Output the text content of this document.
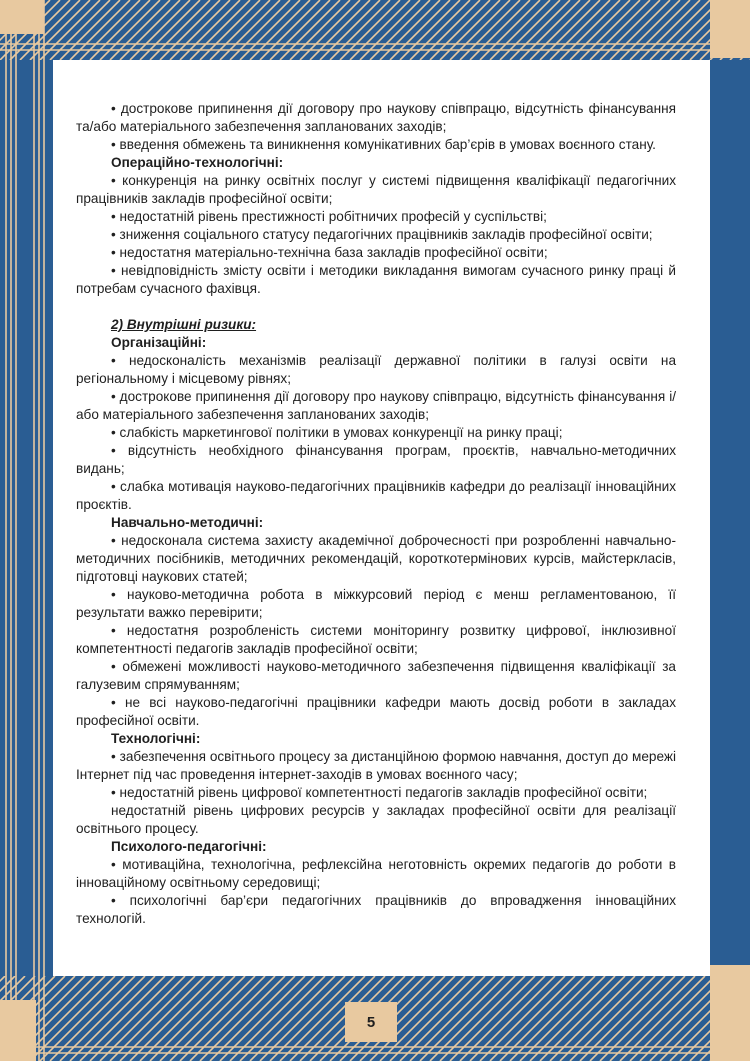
• дострокове припинення дії договору про наукову співпрацю, відсутність фінансування та/або матеріального забезпечення запланованих заходів;

• введення обмежень та виникнення комунікативних бар’єрів в умовах воєнного стану.

Операційно-технологічні:

• конкуренція на ринку освітніх послуг у системі підвищення кваліфікації педагогічних працівників закладів професійної освіти;

• недостатній рівень престижності робітничих професій у суспільстві;

• зниження соціального статусу педагогічних працівників закладів професійної освіти;

• недостатня матеріально-технічна база закладів професійної освіти;

• невідповідність змісту освіти і методики викладання вимогам сучасного ринку праці й потребам сучасного фахівця.

2) Внутрішні ризики:

Організаційні:

• недосконалість механізмів реалізації державної політики в галузі освіти на регіональному і місцевому рівнях;

• дострокове припинення дії договору про наукову співпрацю, відсутність фінансування і/або матеріального забезпечення запланованих заходів;

• слабкість маркетингової політики в умовах конкуренції на ринку праці;

• відсутність необхідного фінансування програм, проєктів, навчально-методичних видань;

• слабка мотивація науково-педагогічних працівників кафедри до реалізації інноваційних проєктів.

Навчально-методичні:

• недосконала система захисту академічної доброчесності при розробленні навчально-методичних посібників, методичних рекомендацій, короткотермінових курсів, майстеркласів, підготовці наукових статей;

• науково-методична робота в міжкурсовий період є менш регламентованою, її результати важко перевірити;

• недостатня розробленість системи моніторингу розвитку цифрової, інклюзивної компетентності педагогів закладів професійної освіти;

• обмежені можливості науково-методичного забезпечення підвищення кваліфікації за галузевим спрямуванням;

• не всі науково-педагогічні працівники кафедри мають досвід роботи в закладах професійної освіти.

Технологічні:

• забезпечення освітнього процесу за дистанційною формою навчання, доступ до мережі Інтернет під час проведення інтернет-заходів в умовах воєнного часу;

• недостатній рівень цифрової компетентності педагогів закладів професійної освіти;

недостатній рівень цифрових ресурсів у закладах професійної освіти для реалізації освітнього процесу.

Психолого-педагогічні:

• мотиваційна, технологічна, рефлексійна неготовність окремих педагогів до роботи в інноваційному освітньому середовищі;

• психологічні бар’єри педагогічних працівників до впровадження інноваційних технологій.

5
